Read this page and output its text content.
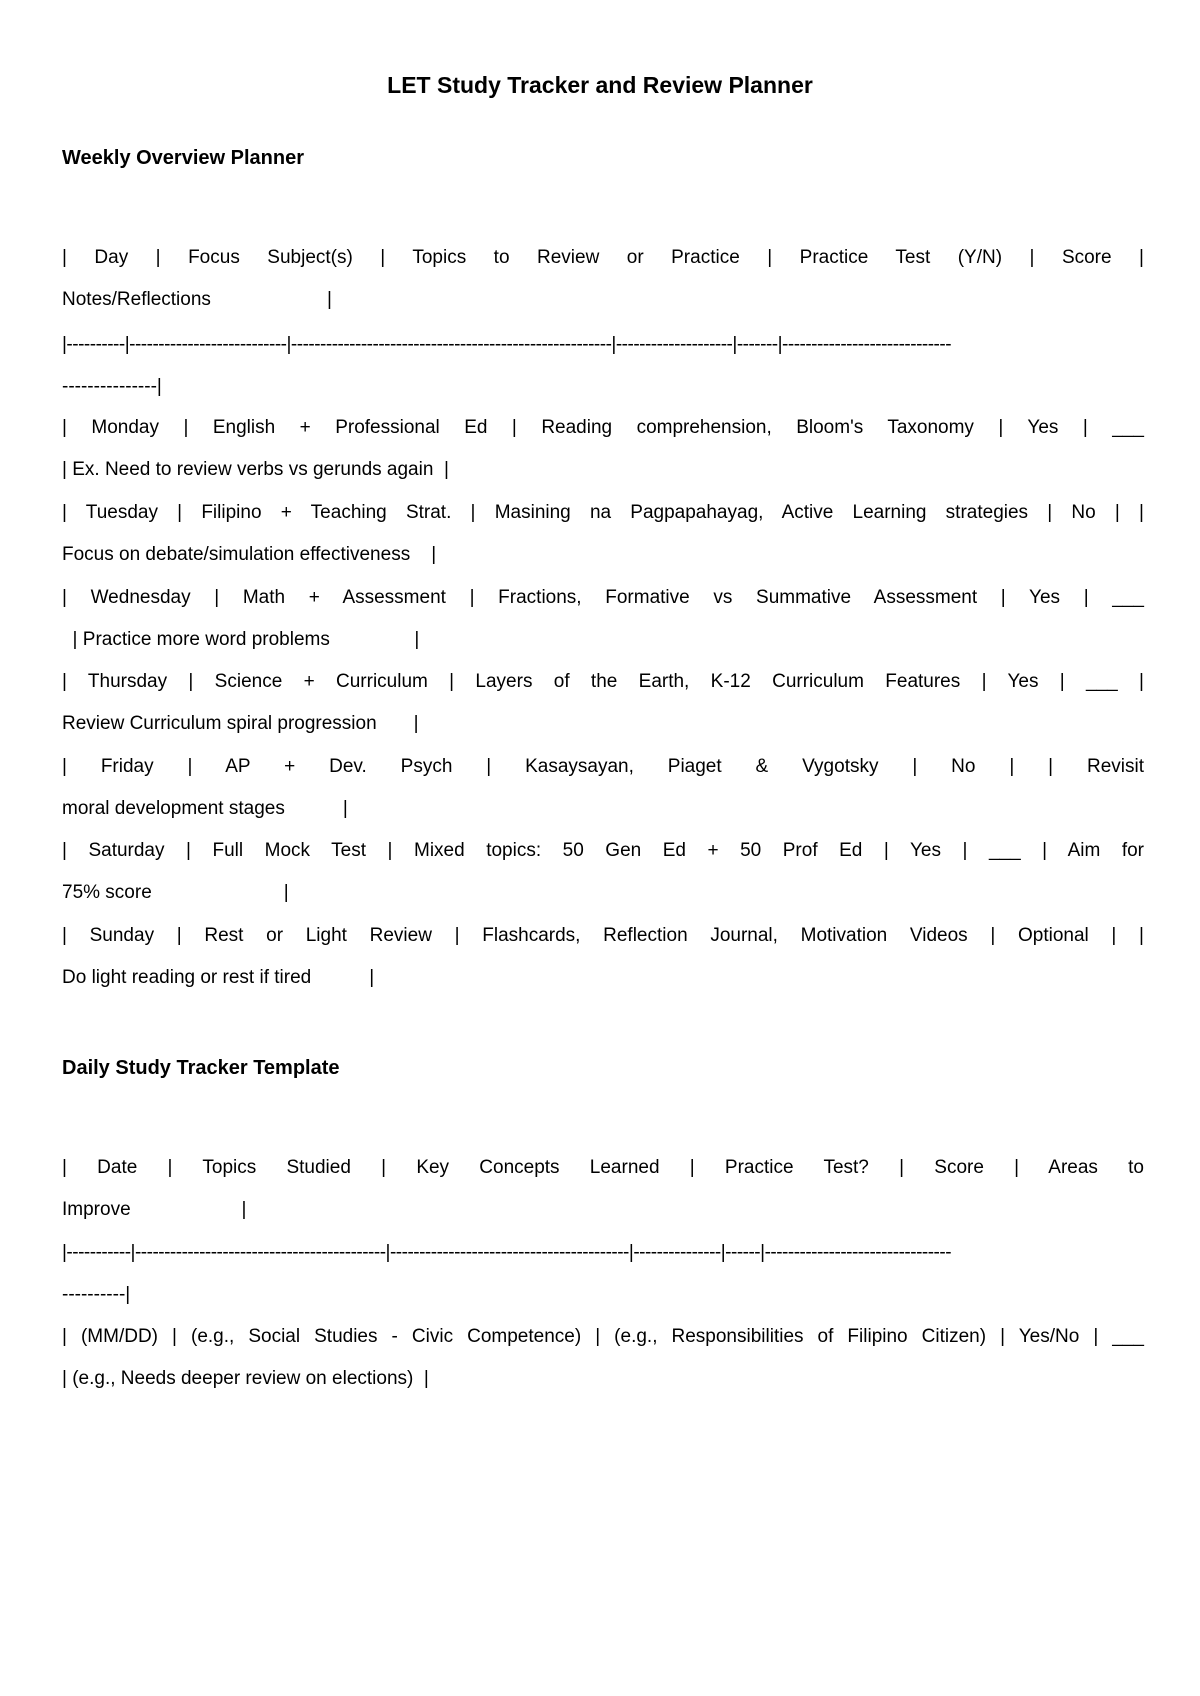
LET Study Tracker and Review Planner
Weekly Overview Planner
| Day | Focus Subject(s) | Topics to Review or Practice | Practice Test (Y/N) | Score |
Notes/Reflections                      |
|----------|---------------------------|-------------------------------------------------------|--------------------|-------|-----------------------------
---------------|
| Monday | English + Professional Ed | Reading comprehension, Bloom's Taxonomy | Yes | ___
| Ex. Need to review verbs vs gerunds again  |
| Tuesday | Filipino + Teaching Strat. | Masining na Pagpapahayag, Active Learning strategies | No | |
Focus on debate/simulation effectiveness    |
| Wednesday | Math + Assessment | Fractions, Formative vs Summative Assessment | Yes | ___
| Practice more word problems                |
| Thursday | Science + Curriculum | Layers of the Earth, K-12 Curriculum Features | Yes | ___ |
Review Curriculum spiral progression       |
| Friday | AP + Dev. Psych | Kasaysayan, Piaget & Vygotsky | No | | Revisit
moral development stages           |
| Saturday | Full Mock Test | Mixed topics: 50 Gen Ed + 50 Prof Ed | Yes | ___ | Aim for
75% score                         |
| Sunday | Rest or Light Review | Flashcards, Reflection Journal, Motivation Videos | Optional | |
Do light reading or rest if tired           |
Daily Study Tracker Template
| Date | Topics Studied | Key Concepts Learned | Practice Test? | Score | Areas to
Improve                     |
|-----------|-------------------------------------------|-----------------------------------------|---------------|------|--------------------------------
----------|
| (MM/DD) | (e.g., Social Studies - Civic Competence) | (e.g., Responsibilities of Filipino Citizen) | Yes/No | ___
| (e.g., Needs deeper review on elections)  |
